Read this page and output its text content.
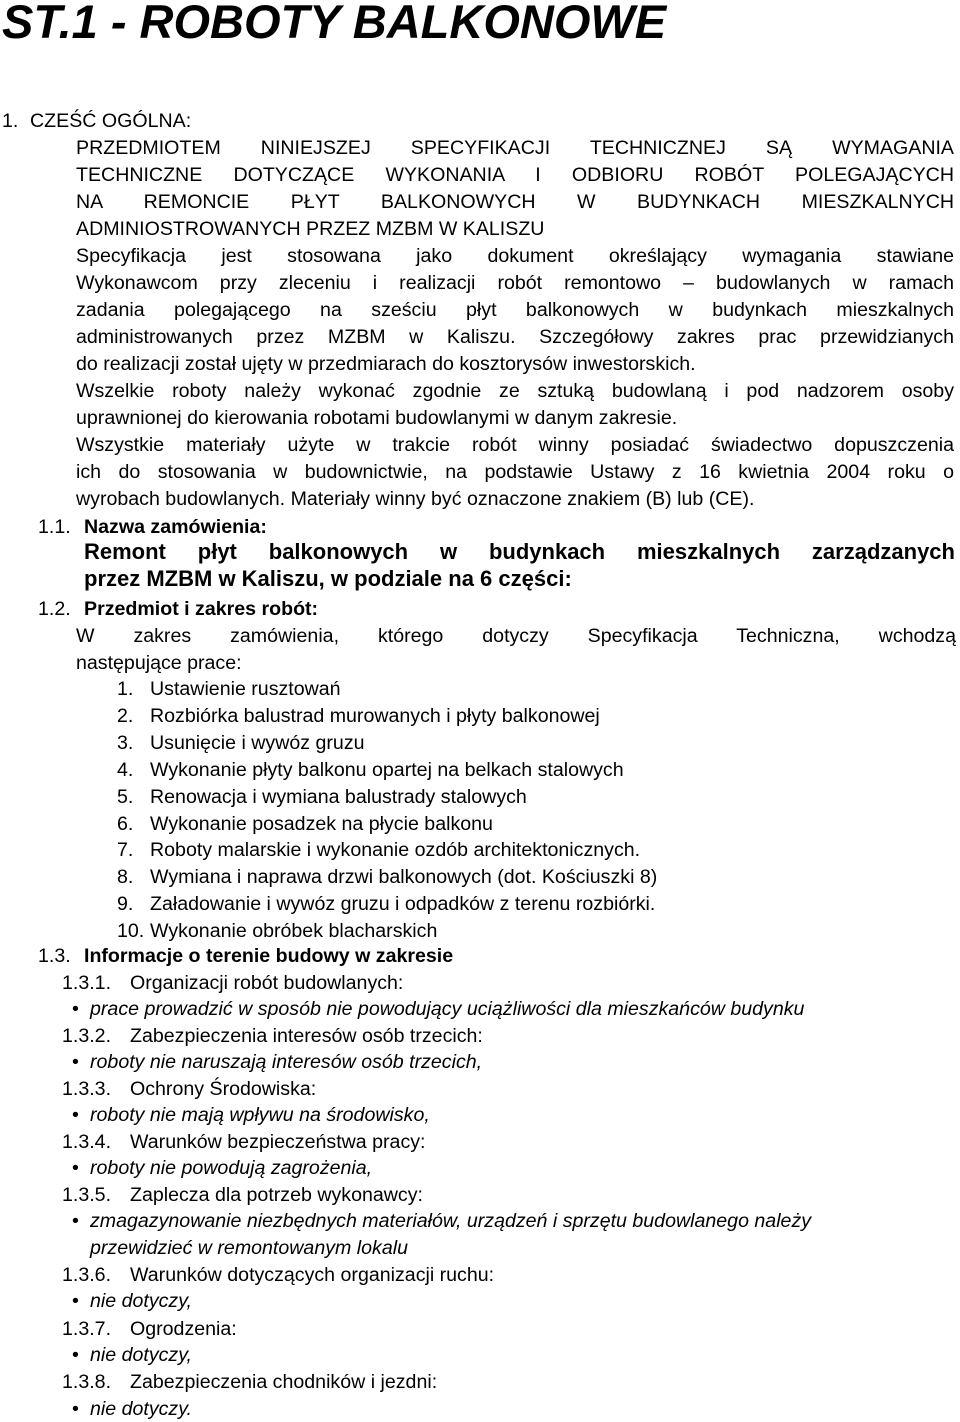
ST.1 - ROBOTY BALKONOWE
1. CZEŚĆ OGÓLNA:
PRZEDMIOTEM NINIEJSZEJ SPECYFIKACJI TECHNICZNEJ SĄ WYMAGANIA
TECHNICZNE DOTYCZĄCE WYKONANIA I ODBIORU ROBÓT POLEGAJĄCYCH
NA REMONCIE PŁYT BALKONOWYCH W BUDYNKACH MIESZKALNYCH
ADMINIOSTROWANYCH PRZEZ MZBM W KALISZU
Specyfikacja jest stosowana jako dokument określający wymagania stawiane
Wykonawcom przy zleceniu i realizacji robót remontowo – budowlanych w ramach
zadania polegającego na sześciu płyt balkonowych w budynkach mieszkalnych
administrowanych przez MZBM w Kaliszu. Szczegółowy zakres prac przewidzianych
do realizacji został ujęty w przedmiarach do kosztorysów inwestorskich.
Wszelkie roboty należy wykonać zgodnie ze sztuką budowlaną i pod nadzorem osoby
uprawnionej do kierowania robotami budowlanymi w danym zakresie.
Wszystkie materiały użyte w trakcie robót winny posiadać świadectwo dopuszczenia
ich do stosowania w budownictwie, na podstawie Ustawy z 16 kwietnia 2004 roku o
wyrobach budowlanych. Materiały winny być oznaczone znakiem (B) lub (CE).
1.1. Nazwa zamówienia:
Remont płyt balkonowych w budynkach mieszkalnych zarządzanych
przez MZBM w Kaliszu, w podziale na 6 części:
1.2. Przedmiot i zakres robót:
W zakres zamówienia, którego dotyczy Specyfikacja Techniczna, wchodzą
następujące prace:
1. Ustawienie rusztowań
2. Rozbiórka balustrad murowanych i płyty balkonowej
3. Usunięcie i wywóz gruzu
4. Wykonanie płyty balkonu opartej na belkach stalowych
5. Renowacja i wymiana balustrady stalowych
6. Wykonanie posadzek na płycie balkonu
7. Roboty malarskie i wykonanie ozdób architektonicznych.
8. Wymiana i naprawa drzwi balkonowych (dot. Kościuszki 8)
9. Załadowanie i wywóz gruzu i odpadków z terenu rozbiórki.
10. Wykonanie obróbek blacharskich
1.3. Informacje o terenie budowy w zakresie
1.3.1. Organizacji robót budowlanych:
• prace prowadzić w sposób nie powodujący uciążliwości dla mieszkańców budynku
1.3.2. Zabezpieczenia interesów osób trzecich:
• roboty nie naruszają interesów osób trzecich,
1.3.3. Ochrony Środowiska:
• roboty nie mają wpływu na środowisko,
1.3.4. Warunków bezpieczeństwa pracy:
• roboty nie powodują zagrożenia,
1.3.5. Zaplecza dla potrzeb wykonawcy:
• zmagazynowanie niezbędnych materiałów, urządzeń i sprzętu budowlanego należy
przewidzieć w remontowanym lokalu
1.3.6. Warunków dotyczących organizacji ruchu:
• nie dotyczy,
1.3.7. Ogrodzenia:
• nie dotyczy,
1.3.8. Zabezpieczenia chodników i jezdni:
• nie dotyczy.
